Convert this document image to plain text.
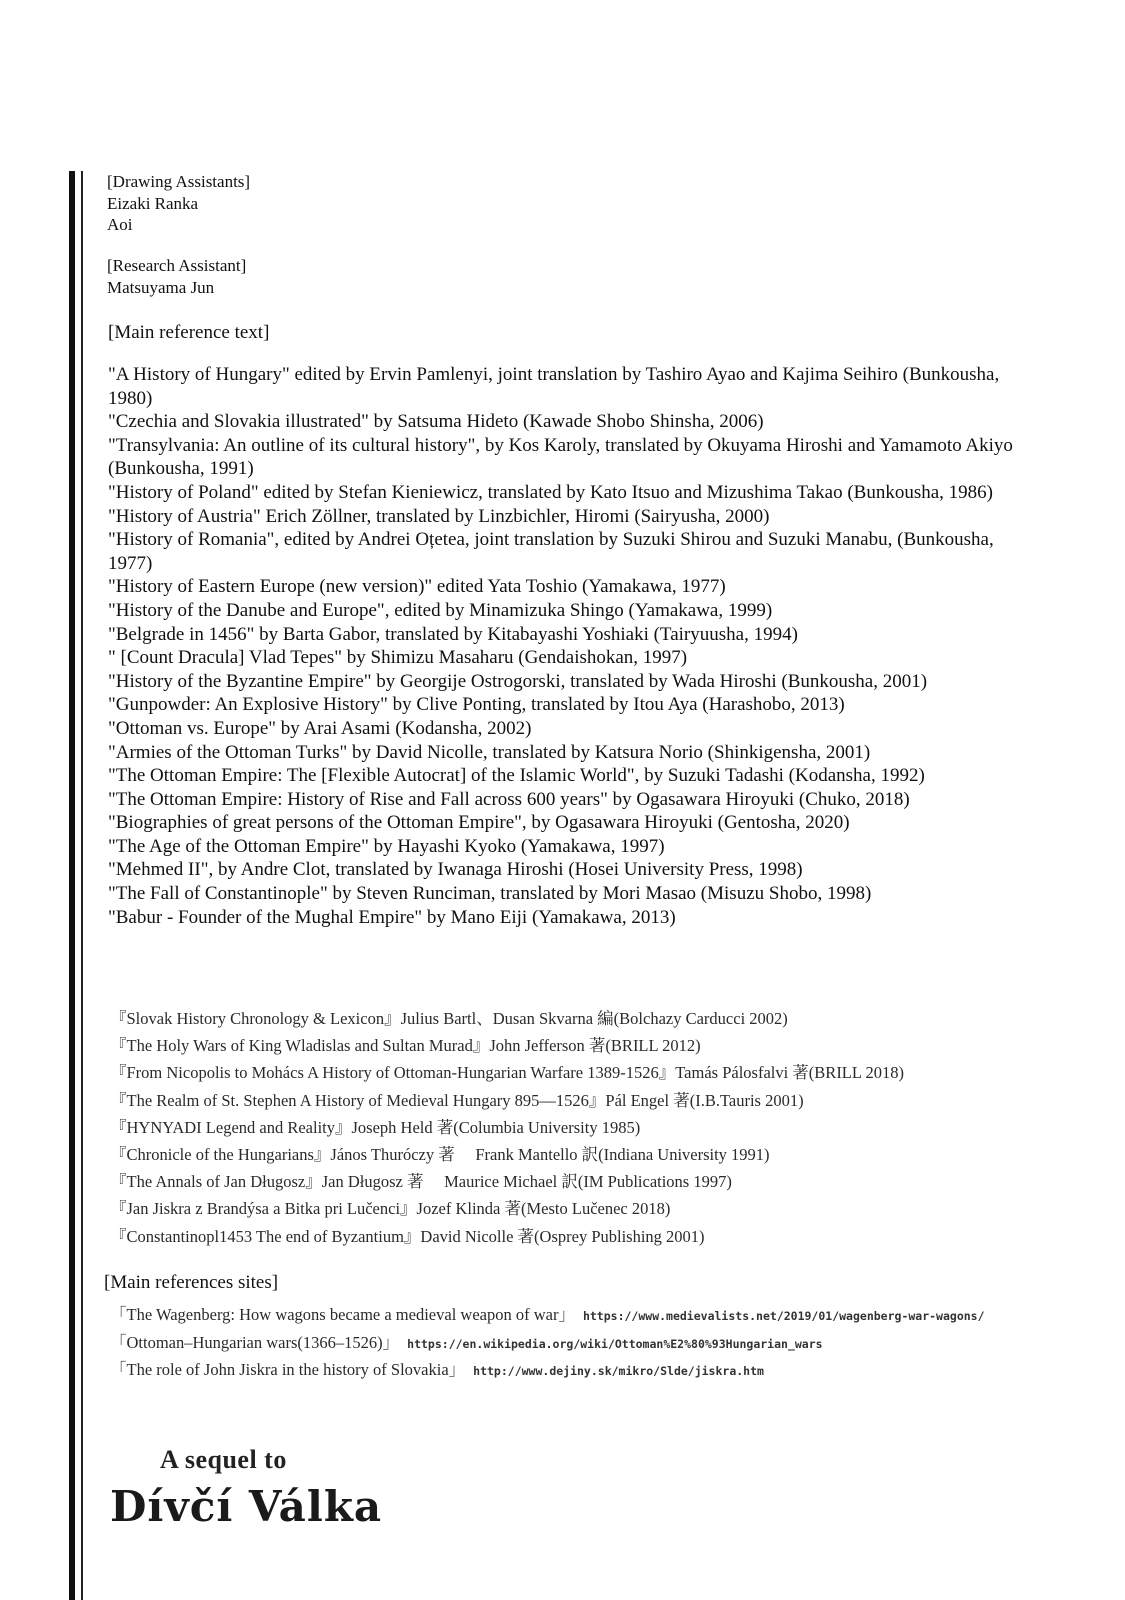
[Drawing Assistants]
Eizaki Ranka
Aoi
[Research Assistant]
Matsuyama Jun
[Main reference text]
"A History of Hungary" edited by Ervin Pamlenyi, joint translation by Tashiro Ayao and Kajima Seihiro (Bunkousha, 1980)
"Czechia and Slovakia illustrated" by Satsuma Hideto (Kawade Shobo Shinsha, 2006)
"Transylvania: An outline of its cultural history", by Kos Karoly, translated by Okuyama Hiroshi and Yamamoto Akiyo (Bunkousha, 1991)
"History of Poland" edited by Stefan Kieniewicz, translated by Kato Itsuo and Mizushima Takao (Bunkousha, 1986)
"History of Austria" Erich Zöllner, translated by Linzbichler, Hiromi (Sairyusha, 2000)
"History of Romania", edited by Andrei Oțetea, joint translation by Suzuki Shirou and Suzuki Manabu, (Bunkousha, 1977)
"History of Eastern Europe (new version)" edited Yata Toshio (Yamakawa, 1977)
"History of the Danube and Europe", edited by Minamizuka Shingo (Yamakawa, 1999)
"Belgrade in 1456" by Barta Gabor, translated by Kitabayashi Yoshiaki (Tairyuusha, 1994)
" [Count Dracula] Vlad Tepes" by Shimizu Masaharu (Gendaishokan, 1997)
"History of the Byzantine Empire" by Georgije Ostrogorski, translated by Wada Hiroshi (Bunkousha, 2001)
"Gunpowder: An Explosive History" by Clive Ponting, translated by Itou Aya (Harashobo, 2013)
"Ottoman vs. Europe" by Arai Asami (Kodansha, 2002)
"Armies of the Ottoman Turks" by David Nicolle, translated by Katsura Norio (Shinkigensha, 2001)
"The Ottoman Empire: The [Flexible Autocrat] of the Islamic World", by Suzuki Tadashi (Kodansha, 1992)
"The Ottoman Empire: History of Rise and Fall across 600 years" by Ogasawara Hiroyuki (Chuko, 2018)
"Biographies of great persons of the Ottoman Empire", by Ogasawara Hiroyuki (Gentosha, 2020)
"The Age of the Ottoman Empire" by Hayashi Kyoko (Yamakawa, 1997)
"Mehmed II", by Andre Clot, translated by Iwanaga Hiroshi (Hosei University Press, 1998)
"The Fall of Constantinople" by Steven Runciman, translated by Mori Masao (Misuzu Shobo, 1998)
"Babur - Founder of the Mughal Empire" by Mano Eiji (Yamakawa, 2013)
『Slovak History Chronology & Lexicon』Julius Bartl、Dusan Skvarna 編(Bolchazy Carducci 2002)
『The Holy Wars of King Wladislas and Sultan Murad』John Jefferson 著(BRILL 2012)
『From Nicopolis to Mohács A History of Ottoman-Hungarian Warfare 1389-1526』Tamás Pálosfalvi 著(BRILL 2018)
『The Realm of St. Stephen A History of Medieval Hungary 895―1526』Pál Engel 著(I.B.Tauris 2001)
『HYNYADI Legend and Reality』Joseph Held 著(Columbia University 1985)
『Chronicle of the Hungarians』János Thuróczy 著　 Frank Mantello 訳(Indiana University 1991)
『The Annals of Jan Długosz』Jan Długosz 著　 Maurice Michael 訳(IM Publications 1997)
『Jan Jiskra z Brandýsa a Bitka pri Lučenci』Jozef Klinda 著(Mesto Lučenec 2018)
『Constantinopl1453 The end of Byzantium』David Nicolle 著(Osprey Publishing 2001)
[Main references sites]
「The Wagenberg: How wagons became a medieval weapon of war」 https://www.medievalists.net/2019/01/wagenberg-war-wagons/
「Ottoman–Hungarian wars(1366–1526)」 https://en.wikipedia.org/wiki/Ottoman%E2%80%93Hungarian_wars
「The role of John Jiskra in the history of Slovakia」 http://www.dejiny.sk/mikro/Slde/jiskra.htm
A sequel to
Dívčí Válka
